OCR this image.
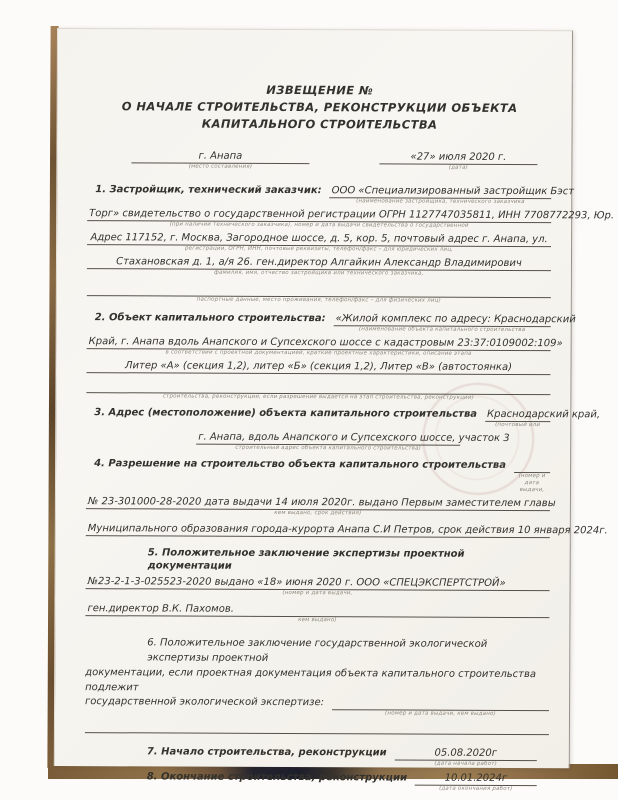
ИЗВЕЩЕНИЕ №
О НАЧАЛЕ СТРОИТЕЛЬСТВА, РЕКОНСТРУКЦИИ ОБЪЕКТА
КАПИТАЛЬНОГО СТРОИТЕЛЬСТВА
г. Анапа
(место составления)
«27» июля 2020 г.
(дата)
1. Застройщик, технический заказчик: ООО «Специализированный застройщик Бэст
(наименование застройщика, технического заказчика
Торг» свидетельство о государственной регистрации ОГРН 1127747035811, ИНН 7708772293, Юр.
(при наличии технического заказчика), номер и дата выдачи свидетельства о государственной
Адрес 117152, г. Москва, Загородное шоссе, д. 5, кор. 5, почтовый адрес г. Анапа, ул.
регистрации, ОГРН, ИНН, почтовые реквизиты, телефон/факс – для юридических лиц,
Стахановская д. 1, а/я 26. ген.директор Алгайкин Александр Владимирович
фамилия, имя, отчество застройщика или технического заказчика,
паспортные данные, место проживания, телефон/факс – для физических лиц)
2. Объект капитального строительства: «Жилой комплекс по адресу: Краснодарский
(наименование объекта капитального строительства
Край, г. Анапа вдоль Анапского и Супсехского шоссе с кадастровым 23:37:0109002:109»
в соответствии с проектной документацией, краткие проектные характеристики, описание этапа
Литер «А» (секция 1,2), литер «Б» (секция 1,2), Литер «В» (автостоянка)
строительства, реконструкции, если разрешение выдается на этап строительства, реконструкции)
3. Адрес (местоположение) объекта капитального строительства Краснодарский край,
(почтовый или
г. Анапа, вдоль Анапского и Супсехского шоссе, участок 3
строительный адрес объекта капитального строительства)
4. Разрешение на строительство объекта капитального строительства
(номер и дата выдачи,
№ 23-301000-28-2020 дата выдачи 14 июля 2020г. выдано Первым заместителем главы
кем выдано, срок действия)
Муниципального образования города-курорта Анапа С.И Петров, срок действия 10 января 2024г.
5. Положительное заключение экспертизы проектной документации
№23-2-1-3-025523-2020 выдано «18» июня 2020 г. ООО «СПЕЦЭКСПЕРТСТРОЙ»
(номер и дата выдачи,
ген.директор В.К. Пахомов.
кем выдано)
6. Положительное заключение государственной экологической экспертизы проектной
документации, если проектная документация объекта капитального строительства подлежит
государственной экологической экспертизе:
(номер и дата выдачи, кем выдано)
7. Начало строительства, реконструкции	05.08.2020г
(дата начала работ)
8. Окончание строительства, реконструкции	10.01.2024г
(дата окончания работ)
